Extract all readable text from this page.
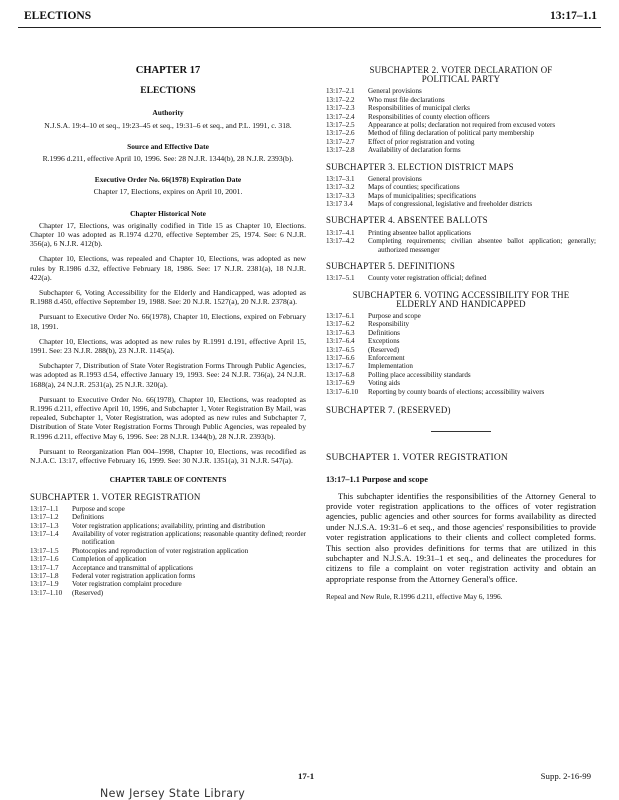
ELECTIONS	13:17–1.1
CHAPTER 17
ELECTIONS
Authority
N.J.S.A. 19:4–10 et seq., 19:23–45 et seq., 19:31–6 et seq., and P.L. 1991, c. 318.
Source and Effective Date
R.1996 d.211, effective April 10, 1996. See: 28 N.J.R. 1344(b), 28 N.J.R. 2393(b).
Executive Order No. 66(1978) Expiration Date
Chapter 17, Elections, expires on April 10, 2001.
Chapter Historical Note
Chapter 17, Elections, was originally codified in Title 15 as Chapter 10, Elections. Chapter 10 was adopted as R.1974 d.270, effective September 25, 1974. See: 6 N.J.R. 356(a), 6 N.J.R. 412(b).
Chapter 10, Elections, was repealed and Chapter 10, Elections, was adopted as new rules by R.1986 d.32, effective February 18, 1986. See: 17 N.J.R. 2381(a), 18 N.J.R. 422(a).
Subchapter 6, Voting Accessibility for the Elderly and Handicapped, was adopted as R.1988 d.450, effective September 19, 1988. See: 20 N.J.R. 1527(a), 20 N.J.R. 2378(a).
Pursuant to Executive Order No. 66(1978), Chapter 10, Elections, expired on February 18, 1991.
Chapter 10, Elections, was adopted as new rules by R.1991 d.191, effective April 15, 1991. See: 23 N.J.R. 288(b), 23 N.J.R. 1145(a).
Subchapter 7, Distribution of State Voter Registration Forms Through Public Agencies, was adopted as R.1993 d.54, effective January 19, 1993. See: 24 N.J.R. 736(a), 24 N.J.R. 1688(a), 24 N.J.R. 2531(a), 25 N.J.R. 320(a).
Pursuant to Executive Order No. 66(1978), Chapter 10, Elections, was readopted as R.1996 d.211, effective April 10, 1996, and Subchapter 1, Voter Registration By Mail, was repealed, Subchapter 1, Voter Registration, was adopted as new rules and Subchapter 7, Distribution of State Voter Registration Forms Through Public Agencies, was repealed by R.1996 d.211, effective May 6, 1996. See: 28 N.J.R. 1344(b), 28 N.J.R. 2393(b).
Pursuant to Reorganization Plan 004–1998, Chapter 10, Elections, was recodified as N.J.A.C. 13:17, effective February 16, 1999. See: 30 N.J.R. 1351(a), 31 N.J.R. 547(a).
CHAPTER TABLE OF CONTENTS
SUBCHAPTER 1. VOTER REGISTRATION
13:17–1.1	Purpose and scope
13:17–1.2	Definitions
13:17–1.3	Voter registration applications; availability, printing and distribution
13:17–1.4	Availability of voter registration applications; reasonable quantity defined; reorder notification
13:17–1.5	Photocopies and reproduction of voter registration application
13:17–1.6	Completion of application
13:17–1.7	Acceptance and transmittal of applications
13:17–1.8	Federal voter registration application forms
13:17–1.9	Voter registration complaint procedure
13:17–1.10	(Reserved)
SUBCHAPTER 2. VOTER DECLARATION OF
POLITICAL PARTY
13:17–2.1	General provisions
13:17–2.2	Who must file declarations
13:17–2.3	Responsibilities of municipal clerks
13:17–2.4	Responsibilities of county election officers
13:17–2.5	Appearance at polls; declaration not required from excused voters
13:17–2.6	Method of filing declaration of political party membership
13:17–2.7	Effect of prior registration and voting
13:17–2.8	Availability of declaration forms
SUBCHAPTER 3. ELECTION DISTRICT MAPS
13:17–3.1	General provisions
13:17–3.2	Maps of counties; specifications
13:17–3.3	Maps of municipalities; specifications
13:17 3.4	Maps of congressional, legislative and freeholder districts
SUBCHAPTER 4. ABSENTEE BALLOTS
13:17–4.1	Printing absentee ballot applications
13:17–4.2	Completing requirements; civilian absentee ballot application; generally; authorized messenger
SUBCHAPTER 5. DEFINITIONS
13:17–5.1	County voter registration official; defined
SUBCHAPTER 6. VOTING ACCESSIBILITY FOR THE
ELDERLY AND HANDICAPPED
13:17–6.1	Purpose and scope
13:17–6.2	Responsibility
13:17–6.3	Definitions
13:17–6.4	Exceptions
13:17–6.5	(Reserved)
13:17–6.6	Enforcement
13:17–6.7	Implementation
13:17–6.8	Polling place accessibility standards
13:17–6.9	Voting aids
13:17–6.10	Reporting by county boards of elections; accessibility waivers
SUBCHAPTER 7. (RESERVED)
SUBCHAPTER 1. VOTER REGISTRATION
13:17–1.1 Purpose and scope
This subchapter identifies the responsibilities of the Attorney General to provide voter registration applications to the offices of voter registration agencies, public agencies and other sources for forms availability as directed under N.J.S.A. 19:31–6 et seq., and those agencies' responsibilities to provide voter registration applications to their clients and collect completed forms. This section also provides definitions for terms that are utilized in this subchapter and N.J.S.A. 19:31–1 et seq., and delineates the procedures for citizens to file a complaint on voter registration activity and obtain an appropriate response from the Attorney General's office.
Repeal and New Rule, R.1996 d.211, effective May 6, 1996.
17-1	Supp. 2-16-99
New Jersey State Library
